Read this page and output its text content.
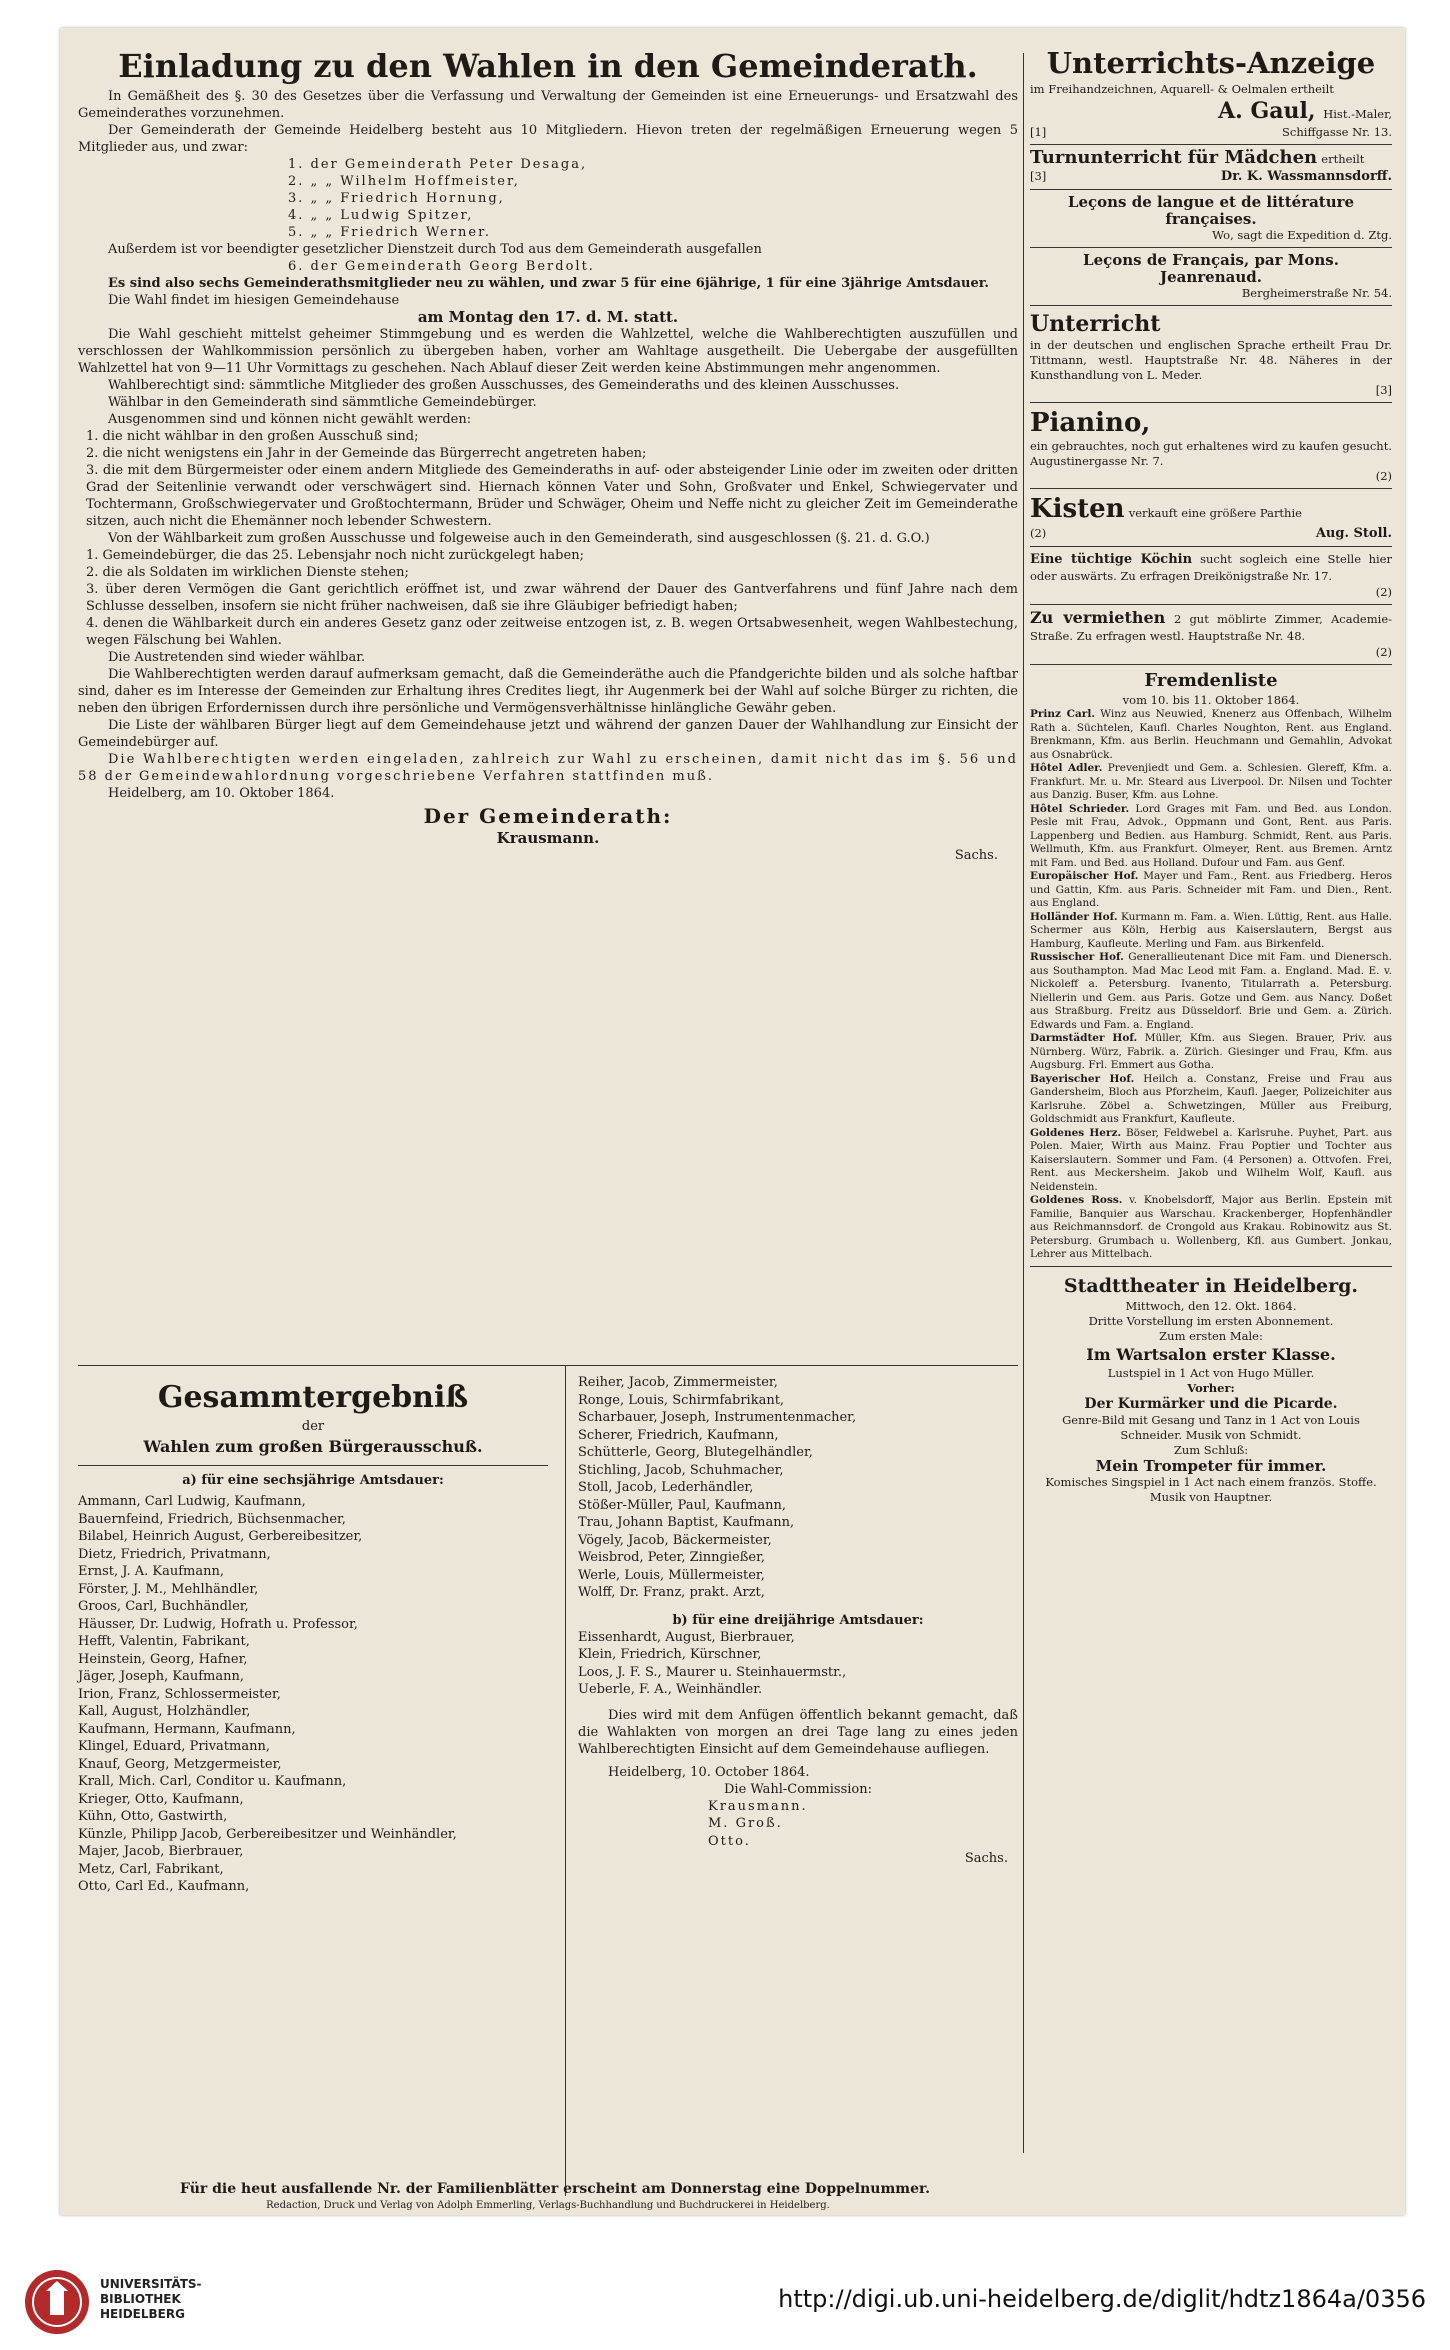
Einladung zu den Wahlen in den Gemeinderath.

In Gemäßheit des §. 30 des Gesetzes über die Verfassung und Verwaltung der Gemeinden ist eine Erneuerungs- und Ersatzwahl des Gemeinderathes vorzunehmen.

Der Gemeinderath der Gemeinde Heidelberg besteht aus 10 Mitgliedern. Hievon treten der regelmäßigen Erneuerung wegen 5 Mitglieder aus, und zwar:

1. der Gemeinderath Peter Desaga,

2. „ „ Wilhelm Hoffmeister,

3. „ „ Friedrich Hornung,

4. „ „ Ludwig Spitzer,

5. „ „ Friedrich Werner.

Außerdem ist vor beendigter gesetzlicher Dienstzeit durch Tod aus dem Gemeinderath ausgefallen

6. der Gemeinderath Georg Berdolt.

Es sind also sechs Gemeinderathsmitglieder neu zu wählen, und zwar 5 für eine 6jährige, 1 für eine 3jährige Amtsdauer.

Die Wahl findet im hiesigen Gemeindehause

am Montag den 17. d. M. statt.

Die Wahl geschieht mittelst geheimer Stimmgebung und es werden die Wahlzettel, welche die Wahlberechtigten auszufüllen und verschlossen der Wahlkommission persönlich zu übergeben haben, vorher am Wahltage ausgetheilt. Die Uebergabe der ausgefüllten Wahlzettel hat von 9—11 Uhr Vormittags zu geschehen. Nach Ablauf dieser Zeit werden keine Abstimmungen mehr angenommen.

Wahlberechtigt sind: sämmtliche Mitglieder des großen Ausschusses, des Gemeinderaths und des kleinen Ausschusses.

Wählbar in den Gemeinderath sind sämmtliche Gemeindebürger.

Ausgenommen sind und können nicht gewählt werden:

1. die nicht wählbar in den großen Ausschuß sind;

2. die nicht wenigstens ein Jahr in der Gemeinde das Bürgerrecht angetreten haben;

3. die mit dem Bürgermeister oder einem andern Mitgliede des Gemeinderaths in auf- oder absteigender Linie oder im zweiten oder dritten Grad der Seitenlinie verwandt oder verschwägert sind. Hiernach können Vater und Sohn, Großvater und Enkel, Schwiegervater und Tochtermann, Großschwiegervater und Großtochtermann, Brüder und Schwäger, Oheim und Neffe nicht zu gleicher Zeit im Gemeinderathe sitzen, auch nicht die Ehemänner noch lebender Schwestern.

Von der Wählbarkeit zum großen Ausschusse und folgeweise auch in den Gemeinderath, sind ausgeschlossen (§. 21. d. G.O.)

1. Gemeindebürger, die das 25. Lebensjahr noch nicht zurückgelegt haben;

2. die als Soldaten im wirklichen Dienste stehen;

3. über deren Vermögen die Gant gerichtlich eröffnet ist, und zwar während der Dauer des Gantverfahrens und fünf Jahre nach dem Schlusse desselben, insofern sie nicht früher nachweisen, daß sie ihre Gläubiger befriedigt haben;

4. denen die Wählbarkeit durch ein anderes Gesetz ganz oder zeitweise entzogen ist, z. B. wegen Ortsabwesenheit, wegen Wahlbestechung, wegen Fälschung bei Wahlen.

Die Austretenden sind wieder wählbar.

Die Wahlberechtigten werden darauf aufmerksam gemacht, daß die Gemeinderäthe auch die Pfandgerichte bilden und als solche haftbar sind, daher es im Interesse der Gemeinden zur Erhaltung ihres Credites liegt, ihr Augenmerk bei der Wahl auf solche Bürger zu richten, die neben den übrigen Erfordernissen durch ihre persönliche und Vermögensverhältnisse hinlängliche Gewähr geben.

Die Liste der wählbaren Bürger liegt auf dem Gemeindehause jetzt und während der ganzen Dauer der Wahlhandlung zur Einsicht der Gemeindebürger auf.

Die Wahlberechtigten werden eingeladen, zahlreich zur Wahl zu erscheinen, damit nicht das im §. 56 und 58 der Gemeindewahlordnung vorgeschriebene Verfahren stattfinden muß.

Heidelberg, am 10. Oktober 1864.

Der Gemeinderath:

Krausmann.

Sachs.

Gesammtergebniß

der

Wahlen zum großen Bürgerausschuß.

a) für eine sechsjährige Amtsdauer:

Ammann, Carl Ludwig, Kaufmann,

Bauernfeind, Friedrich, Büchsenmacher,

Bilabel, Heinrich August, Gerbereibesitzer,

Dietz, Friedrich, Privatmann,

Ernst, J. A. Kaufmann,

Förster, J. M., Mehlhändler,

Groos, Carl, Buchhändler,

Häusser, Dr. Ludwig, Hofrath u. Professor,

Hefft, Valentin, Fabrikant,

Heinstein, Georg, Hafner,

Jäger, Joseph, Kaufmann,

Irion, Franz, Schlossermeister,

Kall, August, Holzhändler,

Kaufmann, Hermann, Kaufmann,

Klingel, Eduard, Privatmann,

Knauf, Georg, Metzgermeister,

Krall, Mich. Carl, Conditor u. Kaufmann,

Krieger, Otto, Kaufmann,

Kühn, Otto, Gastwirth,

Künzle, Philipp Jacob, Gerbereibesitzer und Weinhändler,

Majer, Jacob, Bierbrauer,

Metz, Carl, Fabrikant,

Otto, Carl Ed., Kaufmann,

Reiher, Jacob, Zimmermeister,

Ronge, Louis, Schirmfabrikant,

Scharbauer, Joseph, Instrumentenmacher,

Scherer, Friedrich, Kaufmann,

Schütterle, Georg, Blutegelhändler,

Stichling, Jacob, Schuhmacher,

Stoll, Jacob, Lederhändler,

Stößer-Müller, Paul, Kaufmann,

Trau, Johann Baptist, Kaufmann,

Vögely, Jacob, Bäckermeister,

Weisbrod, Peter, Zinngießer,

Werle, Louis, Müllermeister,

Wolff, Dr. Franz, prakt. Arzt,

b) für eine dreijährige Amtsdauer:

Eissenhardt, August, Bierbrauer,

Klein, Friedrich, Kürschner,

Loos, J. F. S., Maurer u. Steinhauermstr.,

Ueberle, F. A., Weinhändler.

Dies wird mit dem Anfügen öffentlich bekannt gemacht, daß die Wahlakten von morgen an drei Tage lang zu eines jeden Wahlberechtigten Einsicht auf dem Gemeindehause aufliegen.

Heidelberg, 10. October 1864.

Die Wahl-Commission:

Krausmann.

M. Groß.

Otto.

Sachs.

Unterrichts-Anzeige

im Freihandzeichnen, Aquarell- & Oelmalen ertheilt

A. Gaul, Hist.-Maler,

[1]	Schiffgasse Nr. 13.

Turnunterricht für Mädchen ertheilt

[3]	Dr. K. Wassmannsdorff.

Leçons de langue et de littérature françaises.

Wo, sagt die Expedition d. Ztg.

Leçons de Français, par Mons. Jeanrenaud.

Bergheimerstraße Nr. 54.

Unterricht

in der deutschen und englischen Sprache ertheilt Frau Dr. Tittmann, westl. Hauptstraße Nr. 48. Näheres in der Kunsthandlung von L. Meder.

[3]

Pianino,

ein gebrauchtes, noch gut erhaltenes wird zu kaufen gesucht. Augustinergasse Nr. 7.

(2)

Kisten verkauft eine größere Parthie

(2)	Aug. Stoll.

Eine tüchtige Köchin sucht sogleich eine Stelle hier oder auswärts. Zu erfragen Dreikönigstraße Nr. 17.

(2)

Zu vermiethen 2 gut möblirte Zimmer, Academie-Straße. Zu erfragen westl. Hauptstraße Nr. 48.

(2)

Fremdenliste

vom 10. bis 11. Oktober 1864.

Prinz Carl. Winz aus Neuwied, Knenerz aus Offenbach, Wilhelm Rath a. Süchtelen, Kaufl. Charles Noughton, Rent. aus England. Brenkmann, Kfm. aus Berlin. Heuchmann und Gemahlin, Advokat aus Osnabrück.

Hôtel Adler. Prevenjiedt und Gem. a. Schlesien. Glereff, Kfm. a. Frankfurt. Mr. u. Mr. Steard aus Liverpool. Dr. Nilsen und Tochter aus Danzig. Buser, Kfm. aus Lohne.

Hôtel Schrieder. Lord Grages mit Fam. und Bed. aus London. Pesle mit Frau, Advok., Oppmann und Gont, Rent. aus Paris. Lappenberg und Bedien. aus Hamburg. Schmidt, Rent. aus Paris. Wellmuth, Kfm. aus Frankfurt. Olmeyer, Rent. aus Bremen. Arntz mit Fam. und Bed. aus Holland. Dufour und Fam. aus Genf.

Europäischer Hof. Mayer und Fam., Rent. aus Friedberg. Heros und Gattin, Kfm. aus Paris. Schneider mit Fam. und Dien., Rent. aus England.

Holländer Hof. Kurmann m. Fam. a. Wien. Lüttig, Rent. aus Halle. Schermer aus Köln, Herbig aus Kaiserslautern, Bergst aus Hamburg, Kaufleute. Merling und Fam. aus Birkenfeld.

Russischer Hof. Generallieutenant Dice mit Fam. und Dienersch. aus Southampton. Mad Mac Leod mit Fam. a. England. Mad. E. v. Nickoleff a. Petersburg. Ivanento, Titularrath a. Petersburg. Niellerin und Gem. aus Paris. Gotze und Gem. aus Nancy. Doßet aus Straßburg. Freitz aus Düsseldorf. Brie und Gem. a. Zürich. Edwards und Fam. a. England.

Darmstädter Hof. Müller, Kfm. aus Siegen. Brauer, Priv. aus Nürnberg. Würz, Fabrik. a. Zürich. Giesinger und Frau, Kfm. aus Augsburg. Frl. Emmert aus Gotha.

Bayerischer Hof. Heilch a. Constanz, Freise und Frau aus Gandersheim, Bloch aus Pforzheim, Kaufl. Jaeger, Polizeichiter aus Karlsruhe. Zöbel a. Schwetzingen, Müller aus Freiburg, Goldschmidt aus Frankfurt, Kaufleute.

Goldenes Herz. Böser, Feldwebel a. Karlsruhe. Puyhet, Part. aus Polen. Maier, Wirth aus Mainz. Frau Poptier und Tochter aus Kaiserslautern. Sommer und Fam. (4 Personen) a. Ottvofen. Frei, Rent. aus Meckersheim. Jakob und Wilhelm Wolf, Kaufl. aus Neidenstein.

Goldenes Ross. v. Knobelsdorff, Major aus Berlin. Epstein mit Familie, Banquier aus Warschau. Krackenberger, Hopfenhändler aus Reichmannsdorf. de Crongold aus Krakau. Robinowitz aus St. Petersburg. Grumbach u. Wollenberg, Kfl. aus Gumbert. Jonkau, Lehrer aus Mittelbach.

Stadttheater in Heidelberg.

Mittwoch, den 12. Okt. 1864.

Dritte Vorstellung im ersten Abonnement.

Zum ersten Male:

Im Wartsalon erster Klasse.

Lustspiel in 1 Act von Hugo Müller.

Vorher:

Der Kurmärker und die Picarde.

Genre-Bild mit Gesang und Tanz in 1 Act von Louis Schneider. Musik von Schmidt.

Zum Schluß:

Mein Trompeter für immer.

Komisches Singspiel in 1 Act nach einem französ. Stoffe. Musik von Hauptner.

Redaction, Druck und Verlag von Adolph Emmerling, Verlags-Buchhandlung und Buchdruckerei in Heidelberg.

Für die heut ausfallende Nr. der Familienblätter erscheint am Donnerstag eine Doppelnummer.

UNIVERSITÄTS-
BIBLIOTHEK
HEIDELBERG
http://digi.ub.uni-heidelberg.de/diglit/hdtz1864a/0356
